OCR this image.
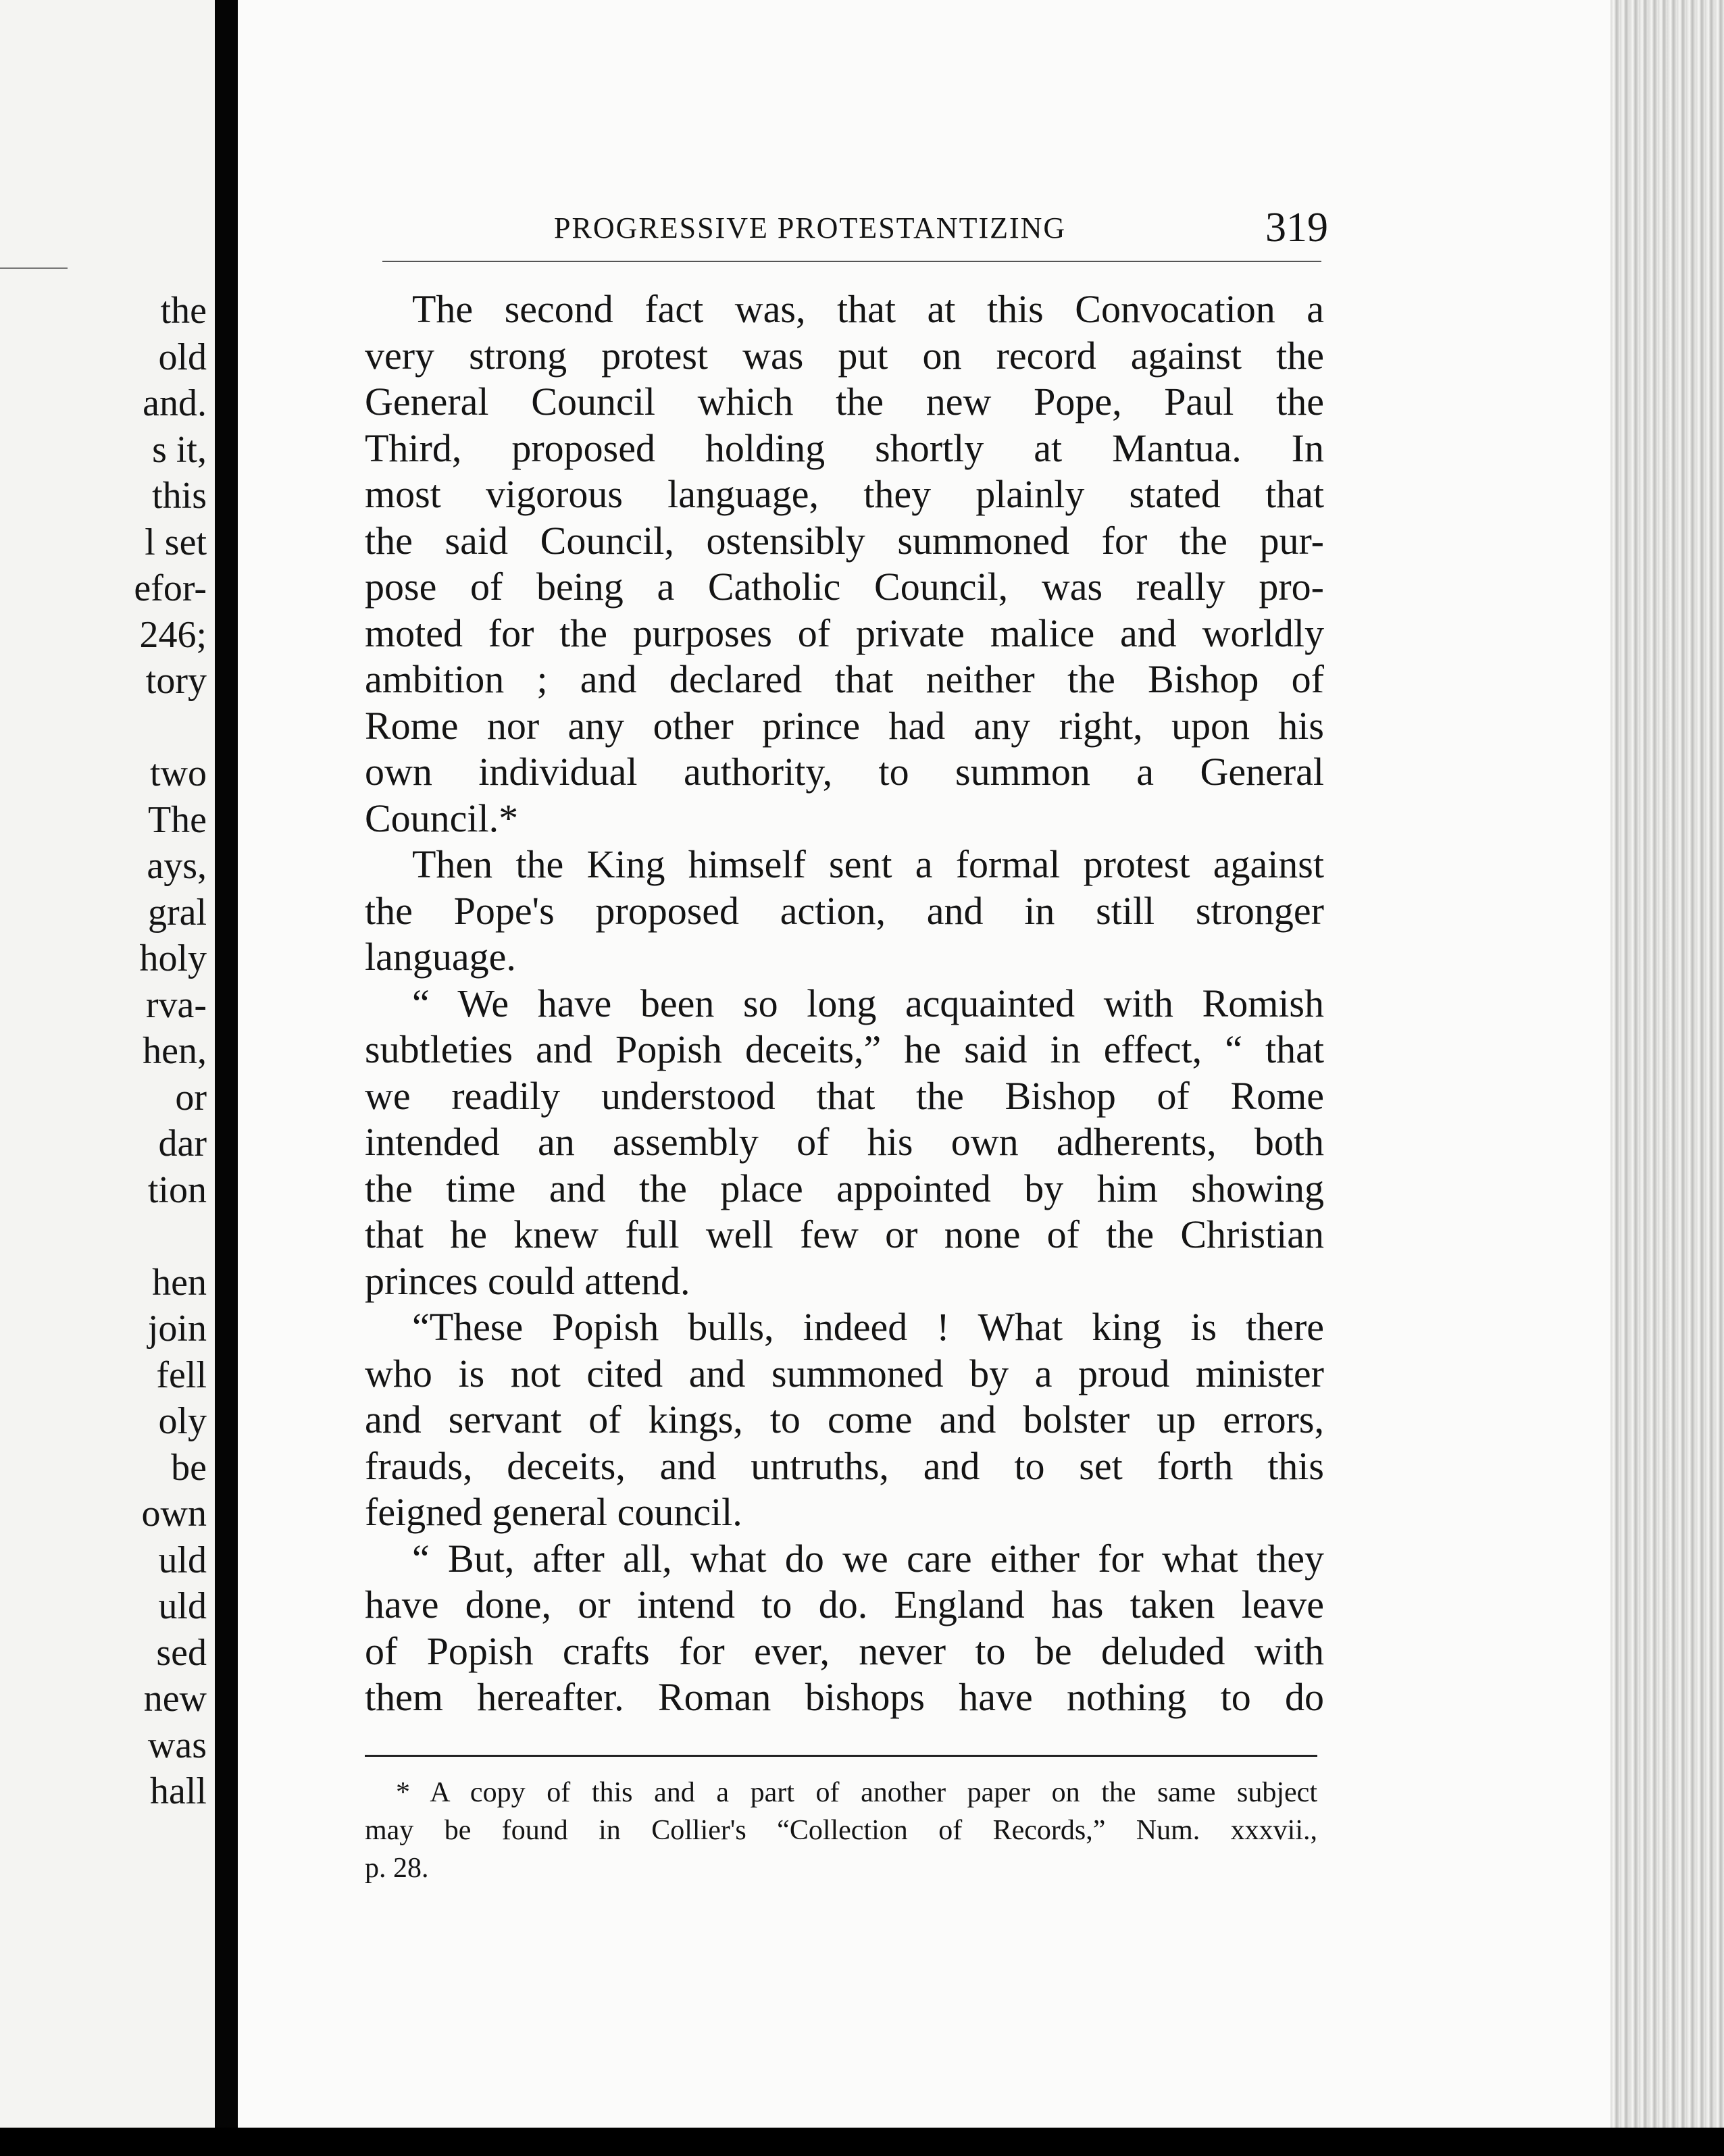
the
old
and.
s it,
this
l set
efor-
246;
tory
two
The
ays,
gral
holy
rva-
hen,
or
dar
tion
hen
join
fell
oly
be
own
uld
uld
sed
new
was
hall
PROGRESSIVE PROTESTANTIZING	319
The second fact was, that at this Convocation a
very strong protest was put on record against the
General Council which the new Pope, Paul the
Third, proposed holding shortly at Mantua. In
most vigorous language, they plainly stated that
the said Council, ostensibly summoned for the pur-
pose of being a Catholic Council, was really pro-
moted for the purposes of private malice and worldly
ambition ; and declared that neither the Bishop of
Rome nor any other prince had any right, upon his
own individual authority, to summon a General
Council.*
Then the King himself sent a formal protest against
the Pope's proposed action, and in still stronger
language.
“ We have been so long acquainted with Romish
subtleties and Popish deceits,” he said in effect, “ that
we readily understood that the Bishop of Rome
intended an assembly of his own adherents, both
the time and the place appointed by him showing
that he knew full well few or none of the Christian
princes could attend.
“These Popish bulls, indeed ! What king is there
who is not cited and summoned by a proud minister
and servant of kings, to come and bolster up errors,
frauds, deceits, and untruths, and to set forth this
feigned general council.
“ But, after all, what do we care either for what they
have done, or intend to do. England has taken leave
of Popish crafts for ever, never to be deluded with
them hereafter. Roman bishops have nothing to do
* A copy of this and a part of another paper on the same subject
may be found in Collier's “Collection of Records,” Num. xxxvii.,
p. 28.
